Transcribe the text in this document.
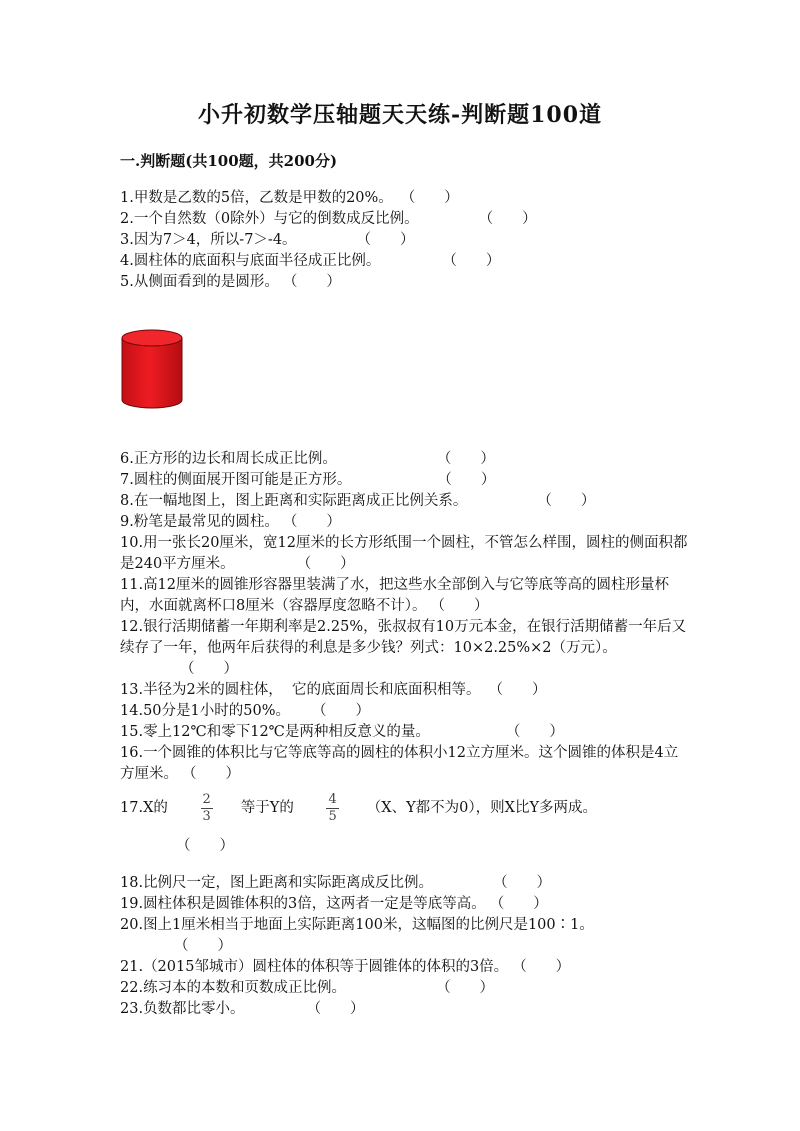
小升初数学压轴题天天练-判断题100道
一.判断题(共100题，共200分)
1.甲数是乙数的5倍，乙数是甲数的20%。 （　　）
2.一个自然数（0除外）与它的倒数成反比例。	（　　）
3.因为7＞4，所以-7＞-4。	（　　）
4.圆柱体的底面积与底面半径成正比例。	（　　）
5.从侧面看到的是圆形。 （　　）
6.正方形的边长和周长成正比例。	（　　）
7.圆柱的侧面展开图可能是正方形。	（　　）
8.在一幅地图上，图上距离和实际距离成正比例关系。	（　　）
9.粉笔是最常见的圆柱。 （　　）
10.用一张长20厘米，宽12厘米的长方形纸围一个圆柱，不管怎么样围，圆柱的侧面积都是240平方厘米。	（　　）
11.高12厘米的圆锥形容器里装满了水，把这些水全部倒入与它等底等高的圆柱形量杯内，水面就离杯口8厘米（容器厚度忽略不计）。 （　　）
12.银行活期储蓄一年期利率是2.25%，张叔叔有10万元本金，在银行活期储蓄一年后又续存了一年，他两年后获得的利息是多少钱？列式：10×2.25%×2（万元）。（　　）
13.半径为2米的圆柱体，  它的底面周长和底面积相等。 （　　）
14.50分是1小时的50%。 （　　）
15.零上12℃和零下12℃是两种相反意义的量。	（　　）
16.一个圆锥的体积比与它等底等高的圆柱的体积小12立方厘米。这个圆锥的体积是4立方厘米。 （　　）
17.X的	$\frac{2}{3}$ 等于Y的	$\frac{4}{5} (X$、Y都不为0），则X比Y多两成。
（　　）
18.比例尺一定，图上距离和实际距离成反比例。	（　　）
19.圆柱体积是圆锥体积的3倍，这两者一定是等底等高。 （　　）
20.图上1厘米相当于地面上实际距离100米，这幅图的比例尺是100∶1。
（　　）
21.（2015邹城市）圆柱体的体积等于圆锥体的体积的3倍。 （　　）
22.练习本的本数和页数成正比例。	（　　）
23.负数都比零小。	（　　）
